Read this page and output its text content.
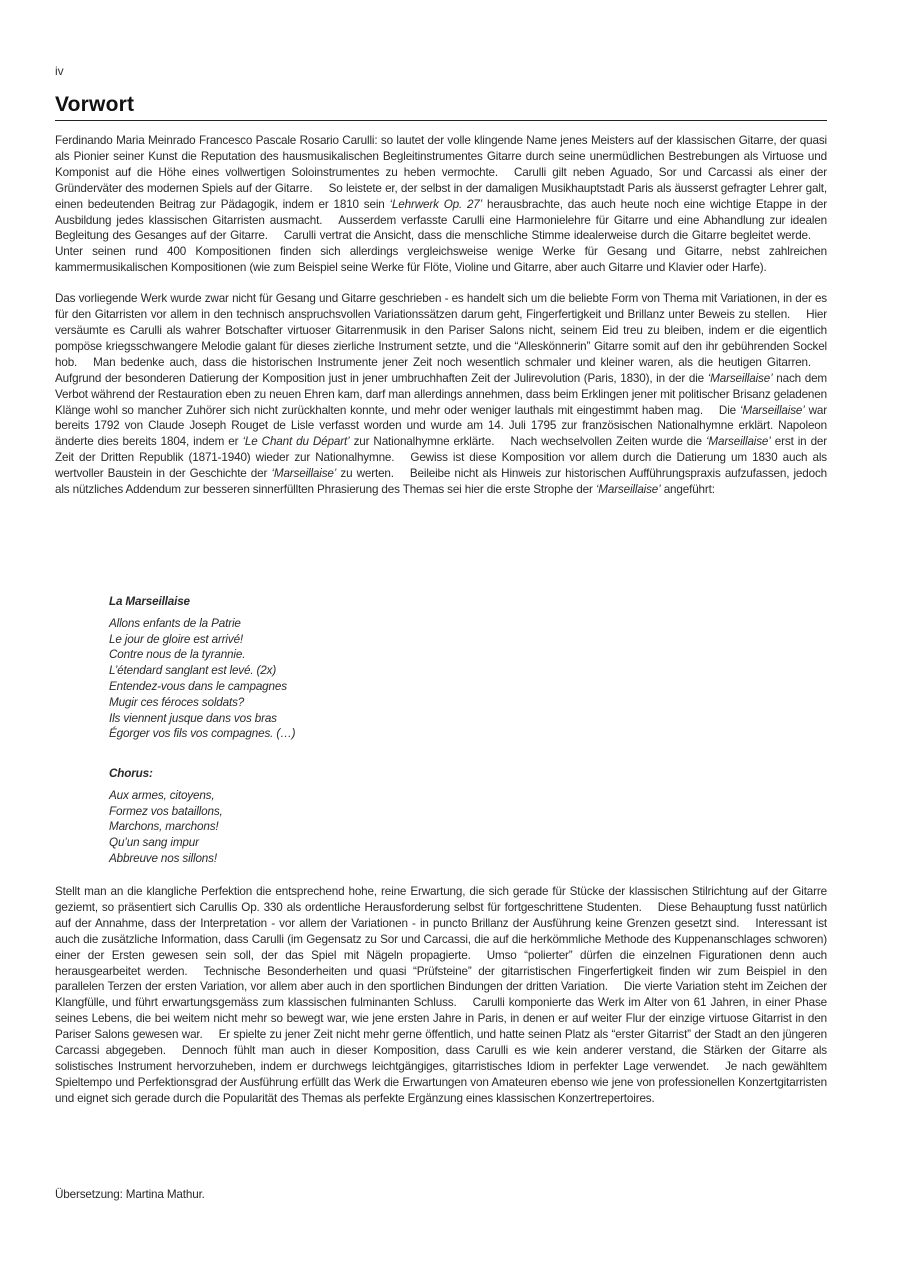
iv
Vorwort

Ferdinando Maria Meinrado Francesco Pascale Rosario Carulli: so lautet der volle klingende Name jenes Meisters auf der klassischen Gitarre, der quasi als Pionier seiner Kunst die Reputation des hausmusikalischen Begleitinstrumentes Gitarre durch seine unermüdlichen Bestrebungen als Virtuose und Komponist auf die Höhe eines vollwertigen Soloinstrumentes zu heben vermochte. Carulli gilt neben Aguado, Sor und Carcassi als einer der Gründerväter des modernen Spiels auf der Gitarre. So leistete er, der selbst in der damaligen Musikhauptstadt Paris als äusserst gefragter Lehrer galt, einen bedeutenden Beitrag zur Pädagogik, indem er 1810 sein ‘Lehrwerk Op. 27’ herausbrachte, das auch heute noch eine wichtige Etappe in der Ausbildung jedes klassischen Gitarristen ausmacht. Ausserdem verfasste Carulli eine Harmonielehre für Gitarre und eine Abhandlung zur idealen Begleitung des Gesanges auf der Gitarre. Carulli vertrat die Ansicht, dass die menschliche Stimme idealerweise durch die Gitarre begleitet werde.Unter seinen rund 400 Kompositionen finden sich allerdings vergleichsweise wenige Werke für Gesang und Gitarre, nebst zahlreichen kammermusikalischen Kompositionen (wie zum Beispiel seine Werke für Flöte, Violine und Gitarre, aber auch Gitarre und Klavier oder Harfe).

Das vorliegende Werk wurde zwar nicht für Gesang und Gitarre geschrieben - es handelt sich um die beliebte Form von Thema mit Variationen, in der es für den Gitarristen vor allem in den technisch anspruchsvollen Variationssätzen darum geht, Fingerfertigkeit und Brillanz unter Beweis zu stellen. Hier versäumte es Carulli als wahrer Botschafter virtuoser Gitarrenmusik in den Pariser Salons nicht, seinem Eid treu zu bleiben, indem er die eigentlich pompöse kriegsschwangere Melodie galant für dieses zierliche Instrument setzte, und die “Alleskönnerin” Gitarre somit auf den ihr gebührenden Sockel hob. Man bedenke auch, dass die historischen Instrumente jener Zeit noch wesentlich schmaler und kleiner waren, als die heutigen Gitarren.Aufgrund der besonderen Datierung der Komposition just in jener umbruchhaften Zeit der Julirevolution (Paris, 1830), in der die ‘Marseillaise’ nach dem Verbot während der Restauration eben zu neuen Ehren kam, darf man allerdings annehmen, dass beim Erklingen jener mit politischer Brisanz geladenen Klänge wohl so mancher Zuhörer sich nicht zurückhalten konnte, und mehr oder weniger lauthals mit eingestimmt haben mag. Die ‘Marseillaise’ war bereits 1792 von Claude Joseph Rouget de Lisle verfasst worden und wurde am 14. Juli 1795 zur französischen Nationalhymne erklärt. Napoleon änderte dies bereits 1804, indem er ‘Le Chant du Départ’ zur Nationalhymne erklärte. Nach wechselvollen Zeiten wurde die ‘Marseillaise’ erst in der Zeit der Dritten Republik (1871-1940) wieder zur Nationalhymne. Gewiss ist diese Komposition vor allem durch die Datierung um 1830 auch als wertvoller Baustein in der Geschichte der ‘Marseillaise’ zu werten. Beileibe nicht als Hinweis zur historischen Aufführungspraxis aufzufassen, jedoch als nützliches Addendum zur besseren sinnerfüllten Phrasierung des Themas sei hier die erste Strophe der ‘Marseillaise’ angeführt:

La Marseillaise
Allons enfants de la Patrie
Le jour de gloire est arrivé!
Contre nous de la tyrannie.
L’étendard sanglant est levé. (2x)
Entendez-vous dans le campagnes
Mugir ces féroces soldats?
Ils viennent jusque dans vos bras
Égorger vos fils vos compagnes. (…)
Chorus:
Aux armes, citoyens,
Formez vos bataillons,
Marchons, marchons!
Qu’un sang impur
Abbreuve nos sillons!

Stellt man an die klangliche Perfektion die entsprechend hohe, reine Erwartung, die sich gerade für Stücke der klassischen Stilrichtung auf der Gitarre geziemt, so präsentiert sich Carullis Op. 330 als ordentliche Herausforderung selbst für fortgeschrittene Studenten. Diese Behauptung fusst natürlich auf der Annahme, dass der Interpretation - vor allem der Variationen - in puncto Brillanz der Ausführung keine Grenzen gesetzt sind. Interessant ist auch die zusätzliche Information, dass Carulli (im Gegensatz zu Sor und Carcassi, die auf die herkömmliche Methode des Kuppenanschlages schworen) einer der Ersten gewesen sein soll, der das Spiel mit Nägeln propagierte. Umso “polierter” dürfen die einzelnen Figurationen denn auch herausgearbeitet werden. Technische Besonderheiten und quasi “Prüfsteine” der gitarristischen Fingerfertigkeit finden wir zum Beispiel in den parallelen Terzen der ersten Variation, vor allem aber auch in den sportlichen Bindungen der dritten Variation. Die vierte Variation steht im Zeichen der Klangfülle, und führt erwartungsgemäss zum klassischen fulminanten Schluss. Carulli komponierte das Werk im Alter von 61 Jahren, in einer Phase seines Lebens, die bei weitem nicht mehr so bewegt war, wie jene ersten Jahre in Paris, in denen er auf weiter Flur der einzige virtuose Gitarrist in den Pariser Salons gewesen war. Er spielte zu jener Zeit nicht mehr gerne öffentlich, und hatte seinen Platz als “erster Gitarrist” der Stadt an den jüngeren Carcassi abgegeben. Dennoch fühlt man auch in dieser Komposition, dass Carulli es wie kein anderer verstand, die Stärken der Gitarre als solistisches Instrument hervorzuheben, indem er durchwegs leichtgängiges, gitarristisches Idiom in perfekter Lage verwendet. Je nach gewähltem Spieltempo und Perfektionsgrad der Ausführung erfüllt das Werk die Erwartungen von Amateuren ebenso wie jene von professionellen Konzertgitarristen und eignet sich gerade durch die Popularität des Themas als perfekte Ergänzung eines klassischen Konzertrepertoires.

Übersetzung: Martina Mathur.
